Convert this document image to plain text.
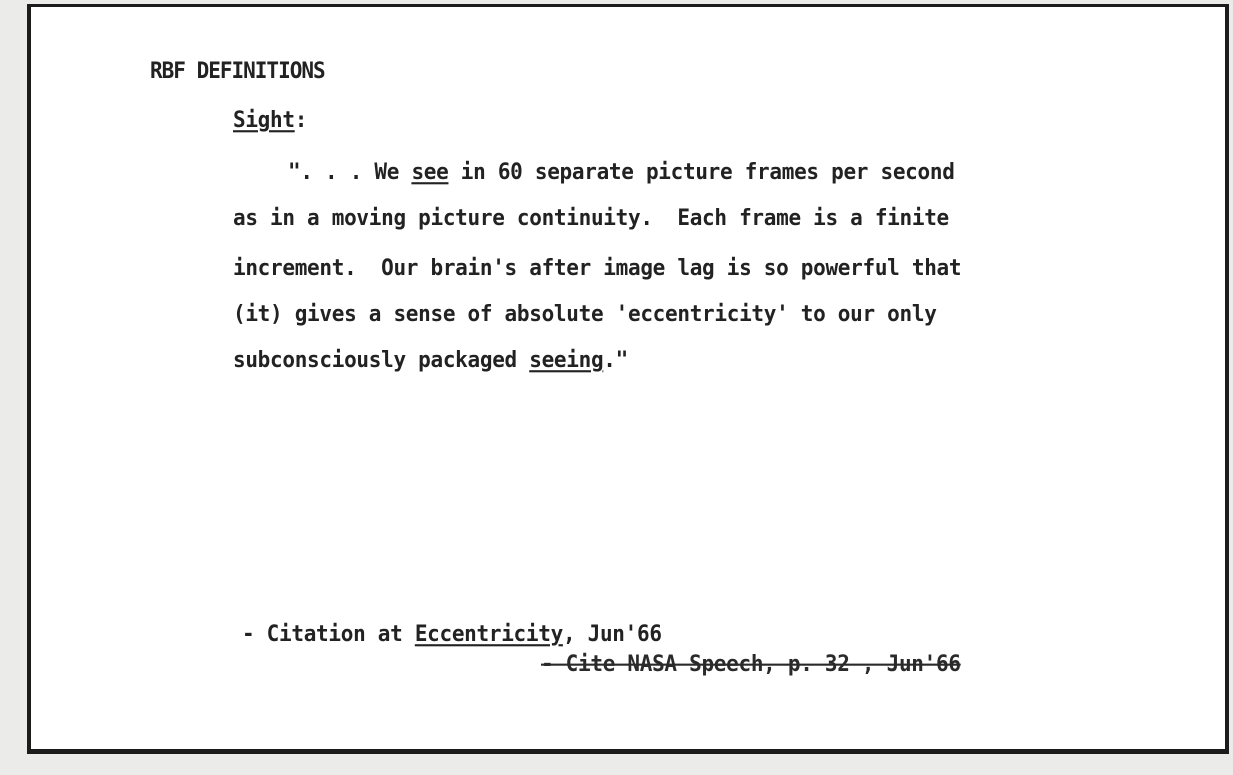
RBF DEFINITIONS
Sight:
". . . We see in 60 separate picture frames per second
as in a moving picture continuity.  Each frame is a finite
increment.  Our brain's after image lag is so powerful that
(it) gives a sense of absolute 'eccentricity' to our only
subconsciously packaged seeing."
- Citation at Eccentricity, Jun'66
- Cite NASA Speech, p. 32 , Jun'66
